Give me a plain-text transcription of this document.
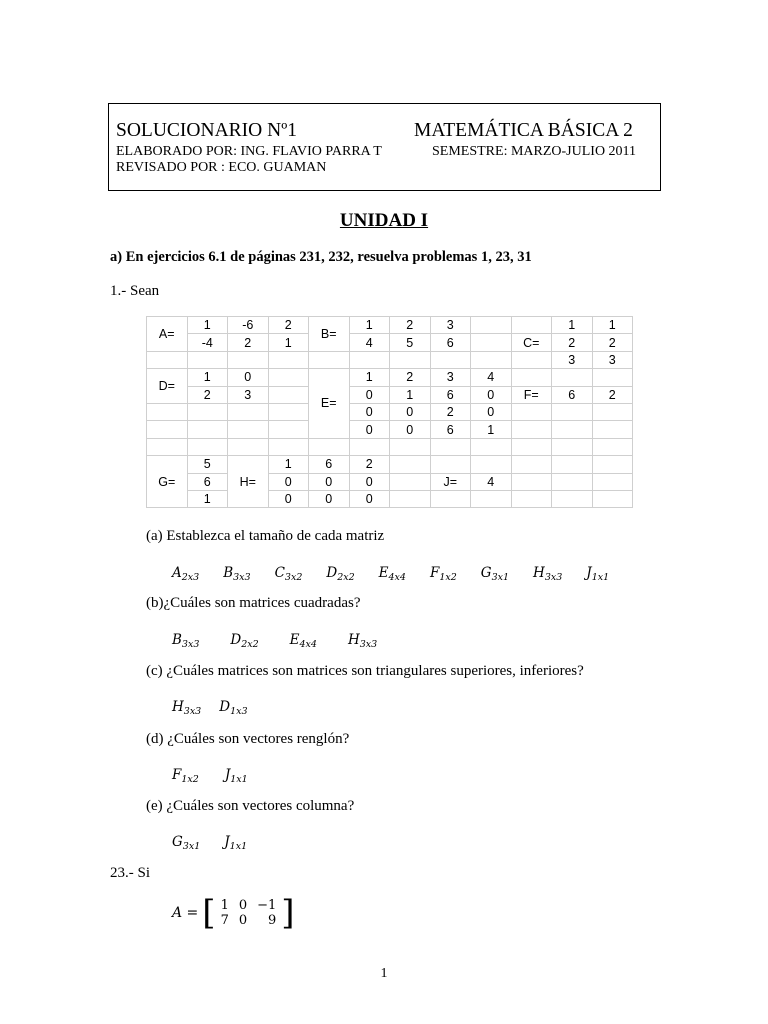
SOLUCIONARIO Nº1	MATEMÁTICA BÁSICA 2
ELABORADO POR: ING. FLAVIO PARRA T	SEMESTRE: MARZO-JULIO 2011
REVISADO POR : ECO. GUAMAN
UNIDAD I
a) En ejercicios 6.1 de páginas 231, 232, resuelva problemas 1, 23, 31
1.- Sean
A=	1	-6	2	B=	1	2	3			1	1
	-4	2	1		4	5	6		C=	2	2
										3	3
D=	1	0		E=	1	2	3	4			
	2	3			0	1	6	0	F=	6	2
					0	0	2	0			
					0	0	6	1			

G=	5	H=	1	6	2						
	6		0	0	0		J=	4			
	1		0	0	0						
(a) Establezca el tamaño de cada matriz
$A_{2x3}$ $B_{3x3}$ $C_{3x2}$ $D_{2x2}$ $E_{4x4}$ $F_{1x2}$ $G_{3x1}$ $H_{3x3}$ $J_{1x1}$
(b)¿Cuáles son matrices cuadradas?
$B_{3x3}$ $D_{2x2}$ $E_{4x4}$ $H_{3x3}$
(c) ¿Cuáles matrices son matrices son triangulares superiores, inferiores?
$H_{3x3}$ $D_{1x3}$
(d) ¿Cuáles son vectores renglón?
$F_{1x2}$ $J_{1x1}$
(e) ¿Cuáles son vectores columna?
$G_{3x1}$ $J_{1x1}$
23.- Si
A = [ 1	0	−1
7	0	9 ]
1
